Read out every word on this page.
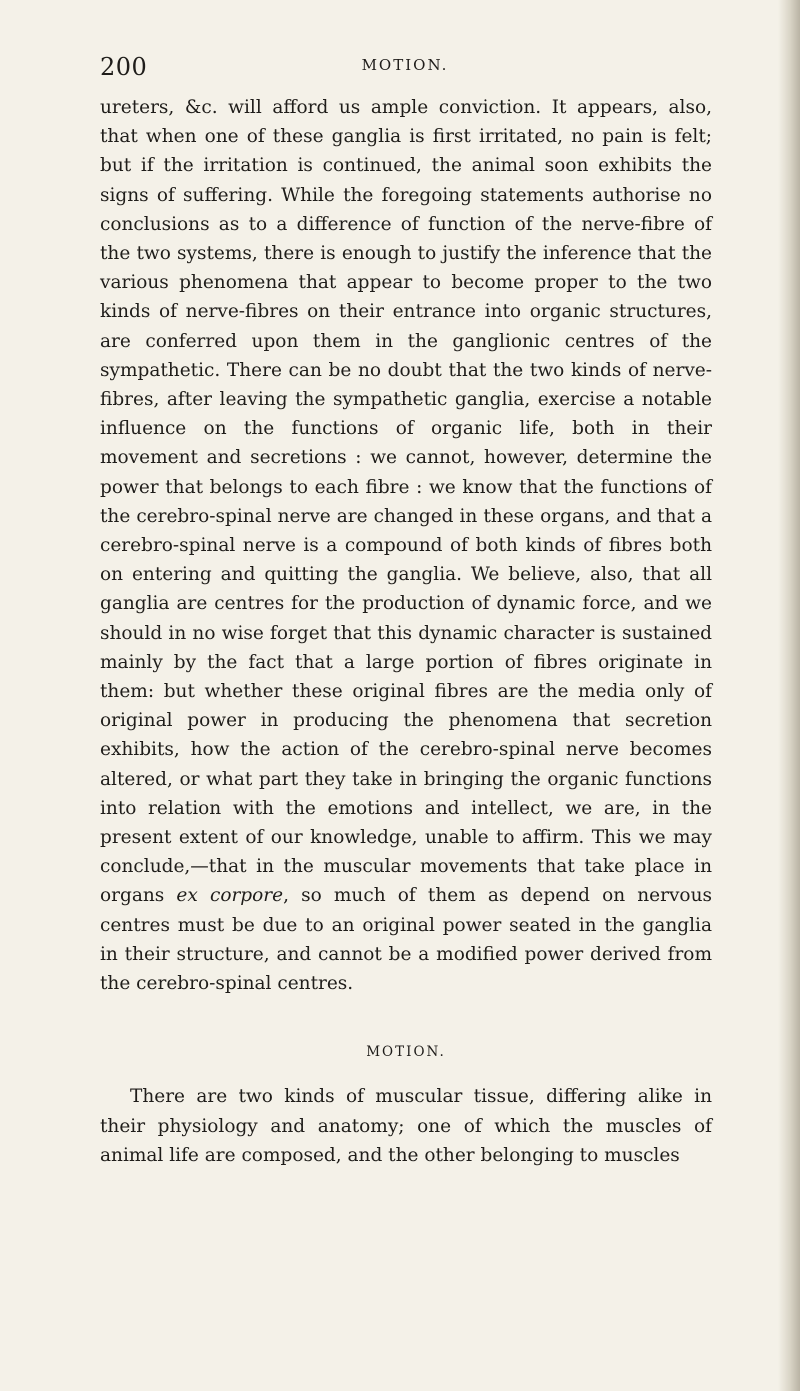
200	MOTION.

ureters, &c. will afford us ample conviction. It appears, also, that when one of these ganglia is first irritated, no pain is felt; but if the irritation is continued, the animal soon exhibits the signs of suffering. While the foregoing statements authorise no conclusions as to a difference of function of the nerve-fibre of the two systems, there is enough to justify the inference that the various phenomena that appear to become proper to the two kinds of nerve-fibres on their entrance into organic structures, are conferred upon them in the ganglionic centres of the sympathetic. There can be no doubt that the two kinds of nerve-fibres, after leaving the sympathetic ganglia, exercise a notable influence on the functions of organic life, both in their movement and secretions : we cannot, however, determine the power that belongs to each fibre : we know that the functions of the cerebro-spinal nerve are changed in these organs, and that a cerebro-spinal nerve is a compound of both kinds of fibres both on entering and quitting the ganglia. We believe, also, that all ganglia are centres for the production of dynamic force, and we should in no wise forget that this dynamic character is sustained mainly by the fact that a large portion of fibres originate in them: but whether these original fibres are the media only of original power in producing the phenomena that secretion exhibits, how the action of the cerebro-spinal nerve becomes altered, or what part they take in bringing the organic functions into relation with the emotions and intellect, we are, in the present extent of our knowledge, unable to affirm. This we may conclude,—that in the muscular movements that take place in organs ex corpore, so much of them as depend on nervous centres must be due to an original power seated in the ganglia in their structure, and cannot be a modified power derived from the cerebro-spinal centres.

MOTION.

There are two kinds of muscular tissue, differing alike in their physiology and anatomy; one of which the muscles of animal life are composed, and the other belonging to muscles
